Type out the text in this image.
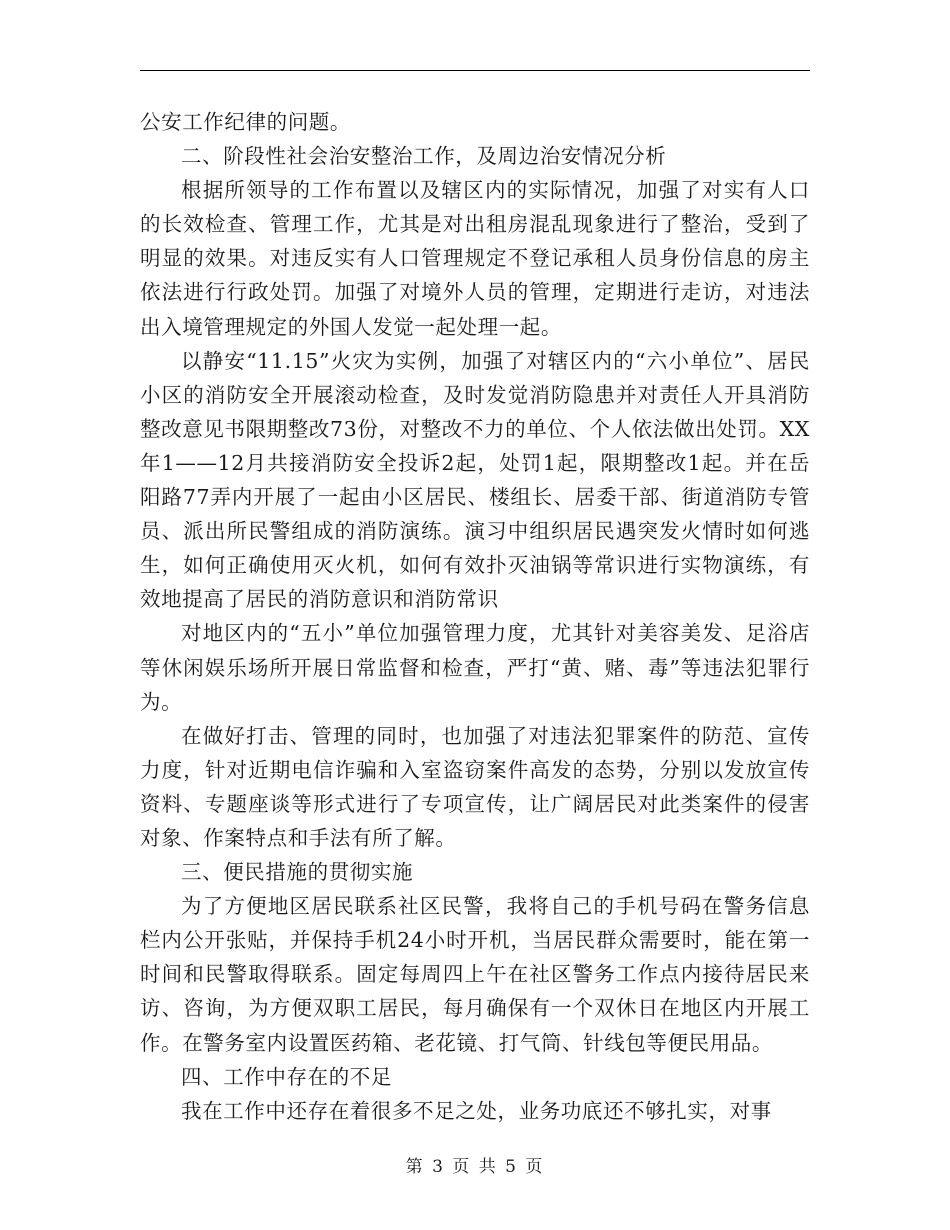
公安工作纪律的问题。

二、阶段性社会治安整治工作，及周边治安情况分析

根据所领导的工作布置以及辖区内的实际情况，加强了对实有人口的长效检查、管理工作，尤其是对出租房混乱现象进行了整治，受到了明显的效果。对违反实有人口管理规定不登记承租人员身份信息的房主依法进行行政处罚。加强了对境外人员的管理，定期进行走访，对违法出入境管理规定的外国人发觉一起处理一起。

以静安“11.15”火灾为实例，加强了对辖区内的“六小单位”、居民小区的消防安全开展滚动检查，及时发觉消防隐患并对责任人开具消防整改意见书限期整改73份，对整改不力的单位、个人依法做出处罚。XX年1——12月共接消防安全投诉2起，处罚1起，限期整改1起。并在岳阳路77弄内开展了一起由小区居民、楼组长、居委干部、街道消防专管员、派出所民警组成的消防演练。演习中组织居民遇突发火情时如何逃生，如何正确使用灭火机，如何有效扑灭油锅等常识进行实物演练，有效地提高了居民的消防意识和消防常识

对地区内的“五小”单位加强管理力度，尤其针对美容美发、足浴店等休闲娱乐场所开展日常监督和检查，严打“黄、赌、毒”等违法犯罪行为。

在做好打击、管理的同时，也加强了对违法犯罪案件的防范、宣传力度，针对近期电信诈骗和入室盗窃案件高发的态势，分别以发放宣传资料、专题座谈等形式进行了专项宣传，让广阔居民对此类案件的侵害对象、作案特点和手法有所了解。

三、便民措施的贯彻实施

为了方便地区居民联系社区民警，我将自己的手机号码在警务信息栏内公开张贴，并保持手机24小时开机，当居民群众需要时，能在第一时间和民警取得联系。固定每周四上午在社区警务工作点内接待居民来访、咨询，为方便双职工居民，每月确保有一个双休日在地区内开展工作。在警务室内设置医药箱、老花镜、打气筒、针线包等便民用品。

四、工作中存在的不足

我在工作中还存在着很多不足之处，业务功底还不够扎实，对事

第 3 页 共 5 页
